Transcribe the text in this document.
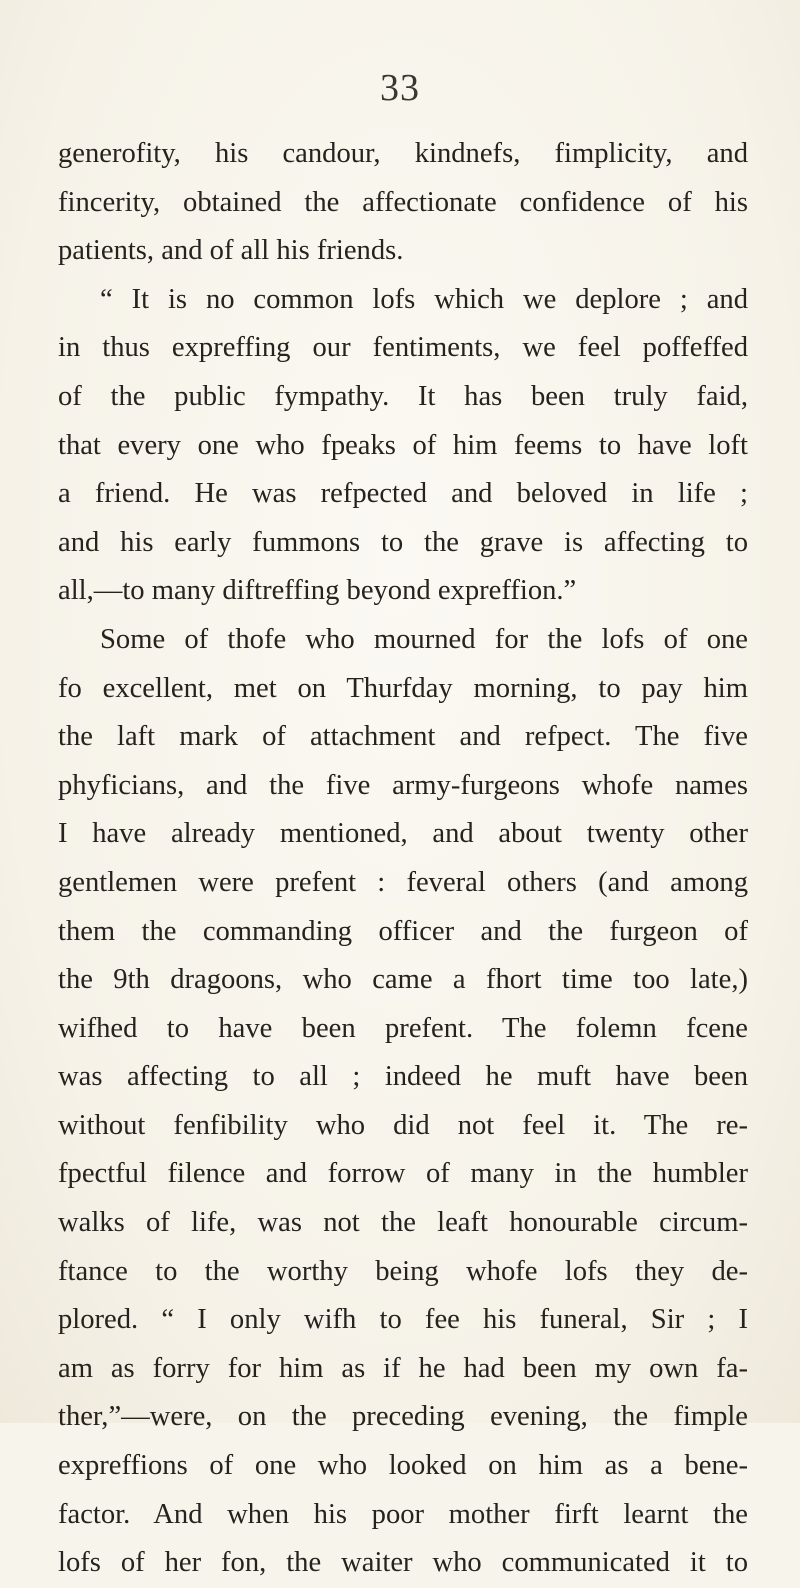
33
generofity, his candour, kindnefs, fimplicity, and
fincerity, obtained the affectionate confidence of his
patients, and of all his friends.
“ It is no common lofs which we deplore ; and
in thus expreffing our fentiments, we feel poffeffed
of the public fympathy. It has been truly faid,
that every one who fpeaks of him feems to have loft
a friend. He was refpected and beloved in life ;
and his early fummons to the grave is affecting to
all,—to many diftreffing beyond expreffion.”
Some of thofe who mourned for the lofs of one
fo excellent, met on Thurfday morning, to pay him
the laft mark of attachment and refpect. The five
phyficians, and the five army-furgeons whofe names
I have already mentioned, and about twenty other
gentlemen were prefent : feveral others (and among
them the commanding officer and the furgeon of
the 9th dragoons, who came a fhort time too late,)
wifhed to have been prefent. The folemn fcene
was affecting to all ; indeed he muft have been
without fenfibility who did not feel it. The re-
fpectful filence and forrow of many in the humbler
walks of life, was not the leaft honourable circum-
ftance to the worthy being whofe lofs they de-
plored. “ I only wifh to fee his funeral, Sir ; I
am as forry for him as if he had been my own fa-
ther,”—were, on the preceding evening, the fimple
expreffions of one who looked on him as a bene-
factor. And when his poor mother firft learnt the
lofs of her fon, the waiter who communicated it to
